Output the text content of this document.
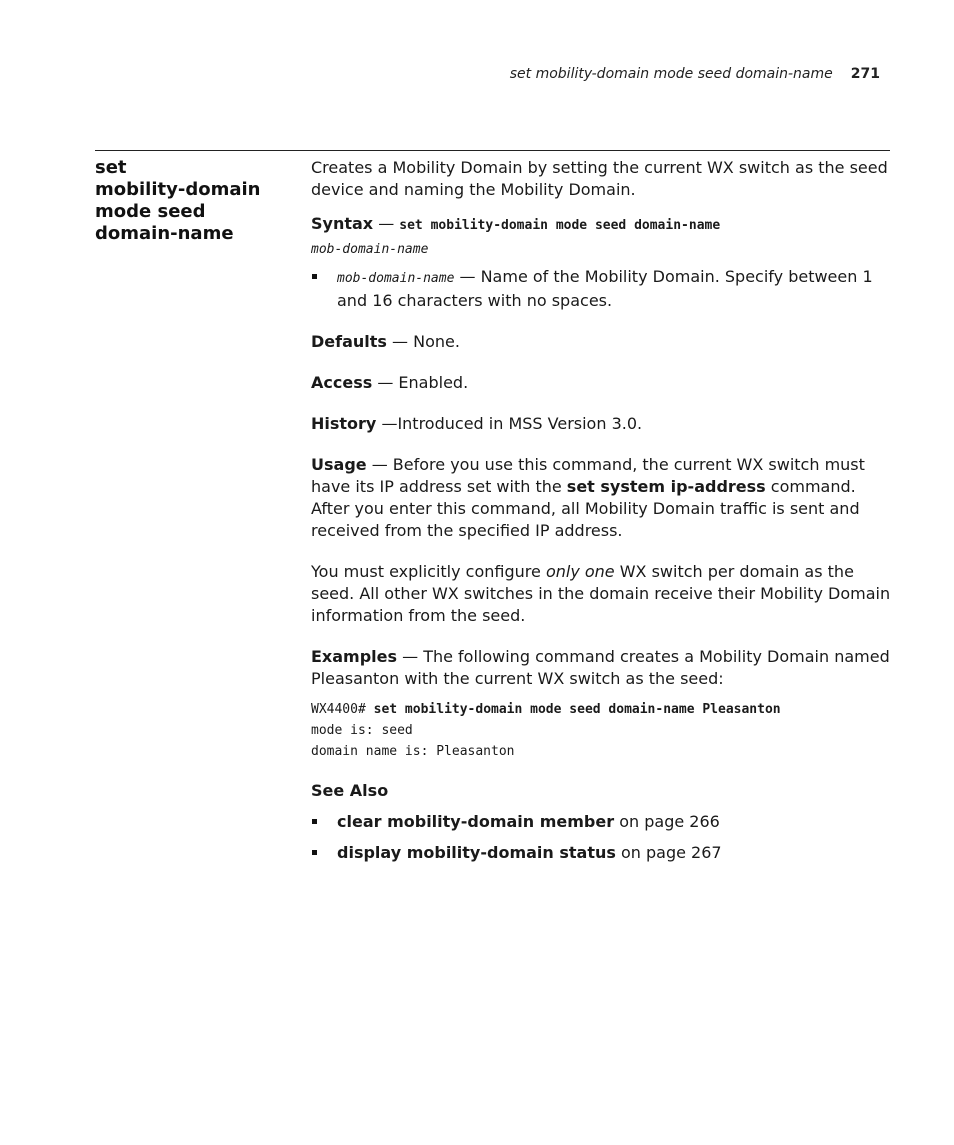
set mobility-domain mode seed domain-name 271
set
mobility-domain
mode seed
domain-name

Creates a Mobility Domain by setting the current WX switch as the seed device and naming the Mobility Domain.

Syntax — set mobility-domain mode seed domain-name

mob-domain-name

mob-domain-name — Name of the Mobility Domain. Specify between 1 and 16 characters with no spaces.

Defaults — None.

Access — Enabled.

History —Introduced in MSS Version 3.0.

Usage — Before you use this command, the current WX switch must have its IP address set with the set system ip-address command. After you enter this command, all Mobility Domain traffic is sent and received from the specified IP address.

You must explicitly configure only one WX switch per domain as the seed. All other WX switches in the domain receive their Mobility Domain information from the seed.

Examples — The following command creates a Mobility Domain named Pleasanton with the current WX switch as the seed:

WX4400# set mobility-domain mode seed domain-name Pleasanton
mode is: seed
domain name is: Pleasanton

See Also

clear mobility-domain member on page 266
display mobility-domain status on page 267
